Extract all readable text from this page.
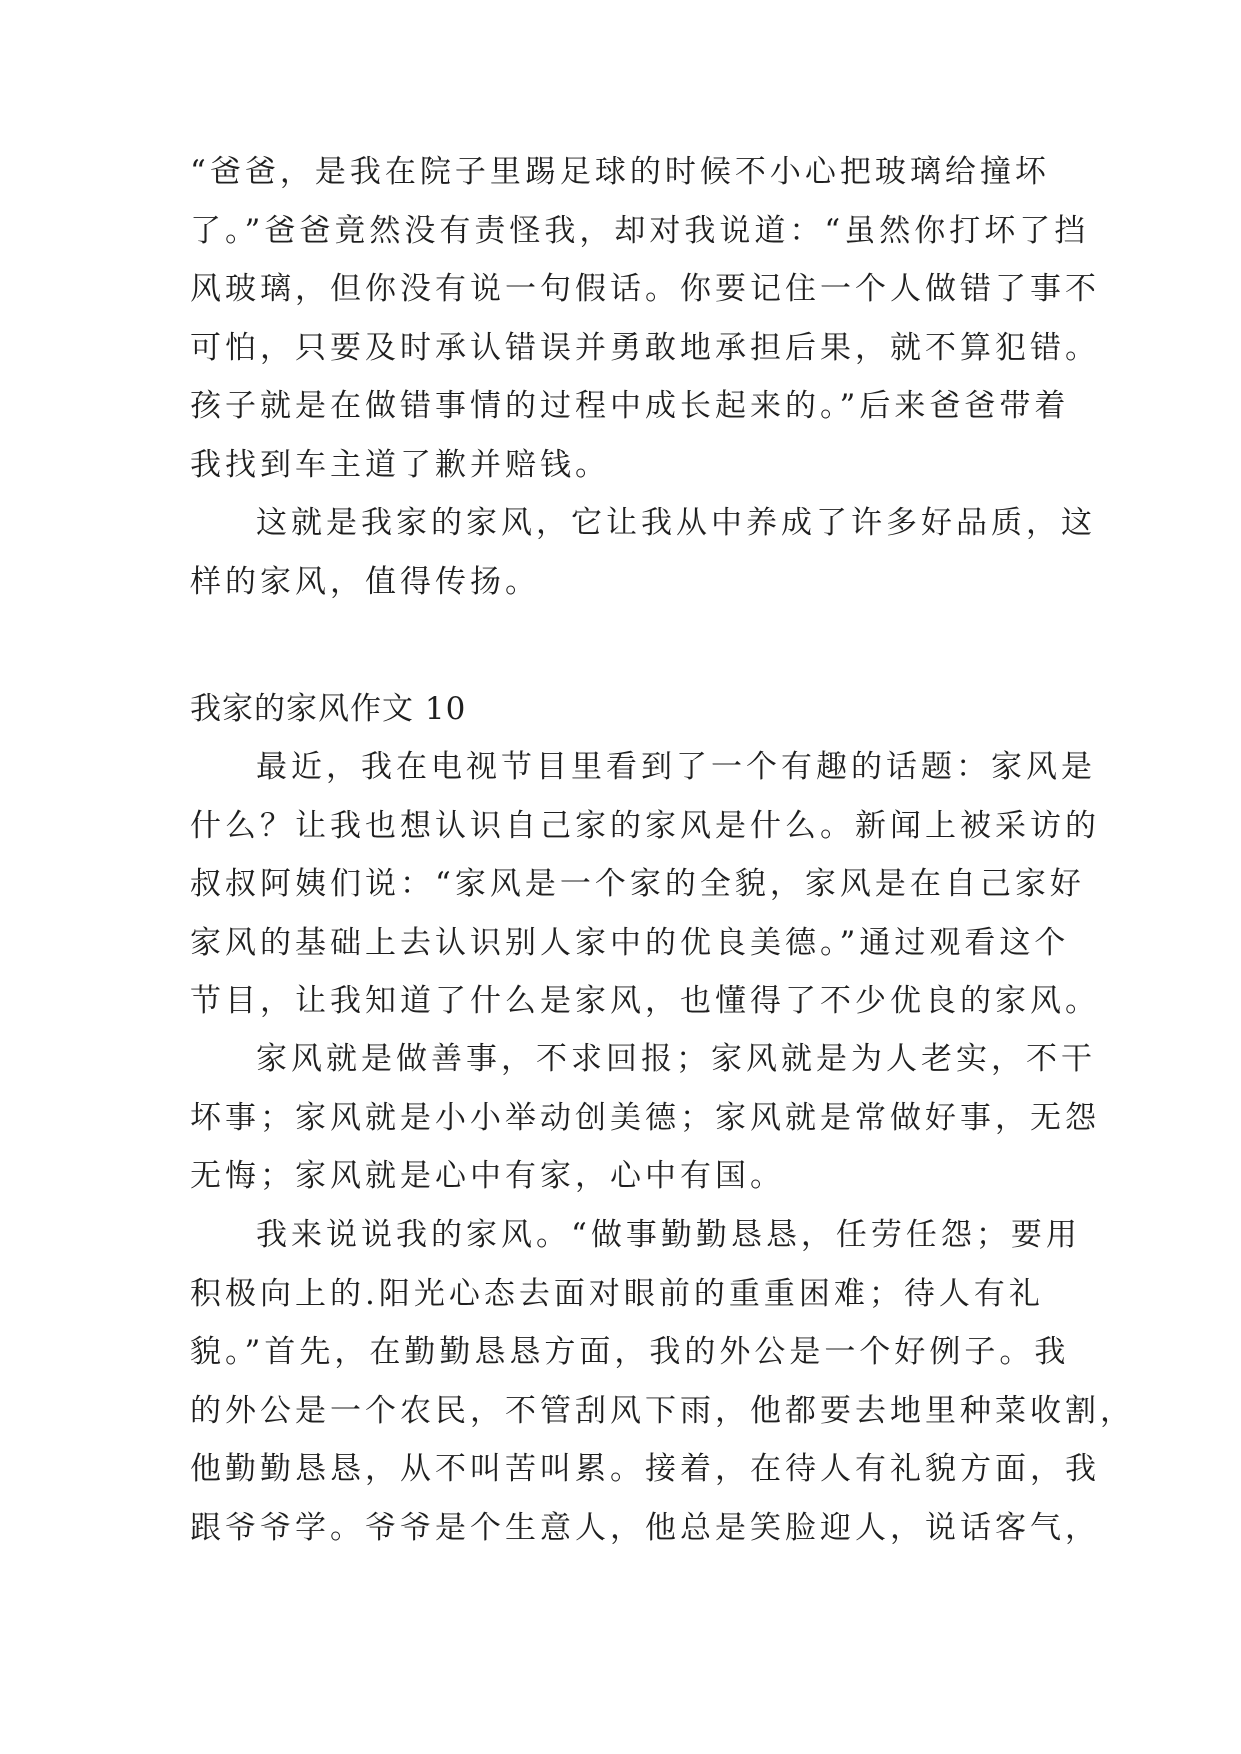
“爸爸，是我在院子里踢足球的时候不小心把玻璃给撞坏
了。”爸爸竟然没有责怪我，却对我说道：“虽然你打坏了挡
风玻璃，但你没有说一句假话。你要记住一个人做错了事不
可怕，只要及时承认错误并勇敢地承担后果，就不算犯错。
孩子就是在做错事情的过程中成长起来的。”后来爸爸带着
我找到车主道了歉并赔钱。
这就是我家的家风，它让我从中养成了许多好品质，这
样的家风，值得传扬。
我家的家风作文 10
最近，我在电视节目里看到了一个有趣的话题：家风是
什么？让我也想认识自己家的家风是什么。新闻上被采访的
叔叔阿姨们说：“家风是一个家的全貌，家风是在自己家好
家风的基础上去认识别人家中的优良美德。”通过观看这个
节目，让我知道了什么是家风，也懂得了不少优良的家风。
家风就是做善事，不求回报；家风就是为人老实，不干
坏事；家风就是小小举动创美德；家风就是常做好事，无怨
无悔；家风就是心中有家，心中有国。
我来说说我的家风。“做事勤勤恳恳，任劳任怨；要用
积极向上的.阳光心态去面对眼前的重重困难；待人有礼
貌。”首先，在勤勤恳恳方面，我的外公是一个好例子。我
的外公是一个农民，不管刮风下雨，他都要去地里种菜收割，
他勤勤恳恳，从不叫苦叫累。接着，在待人有礼貌方面，我
跟爷爷学。爷爷是个生意人，他总是笑脸迎人，说话客气，
